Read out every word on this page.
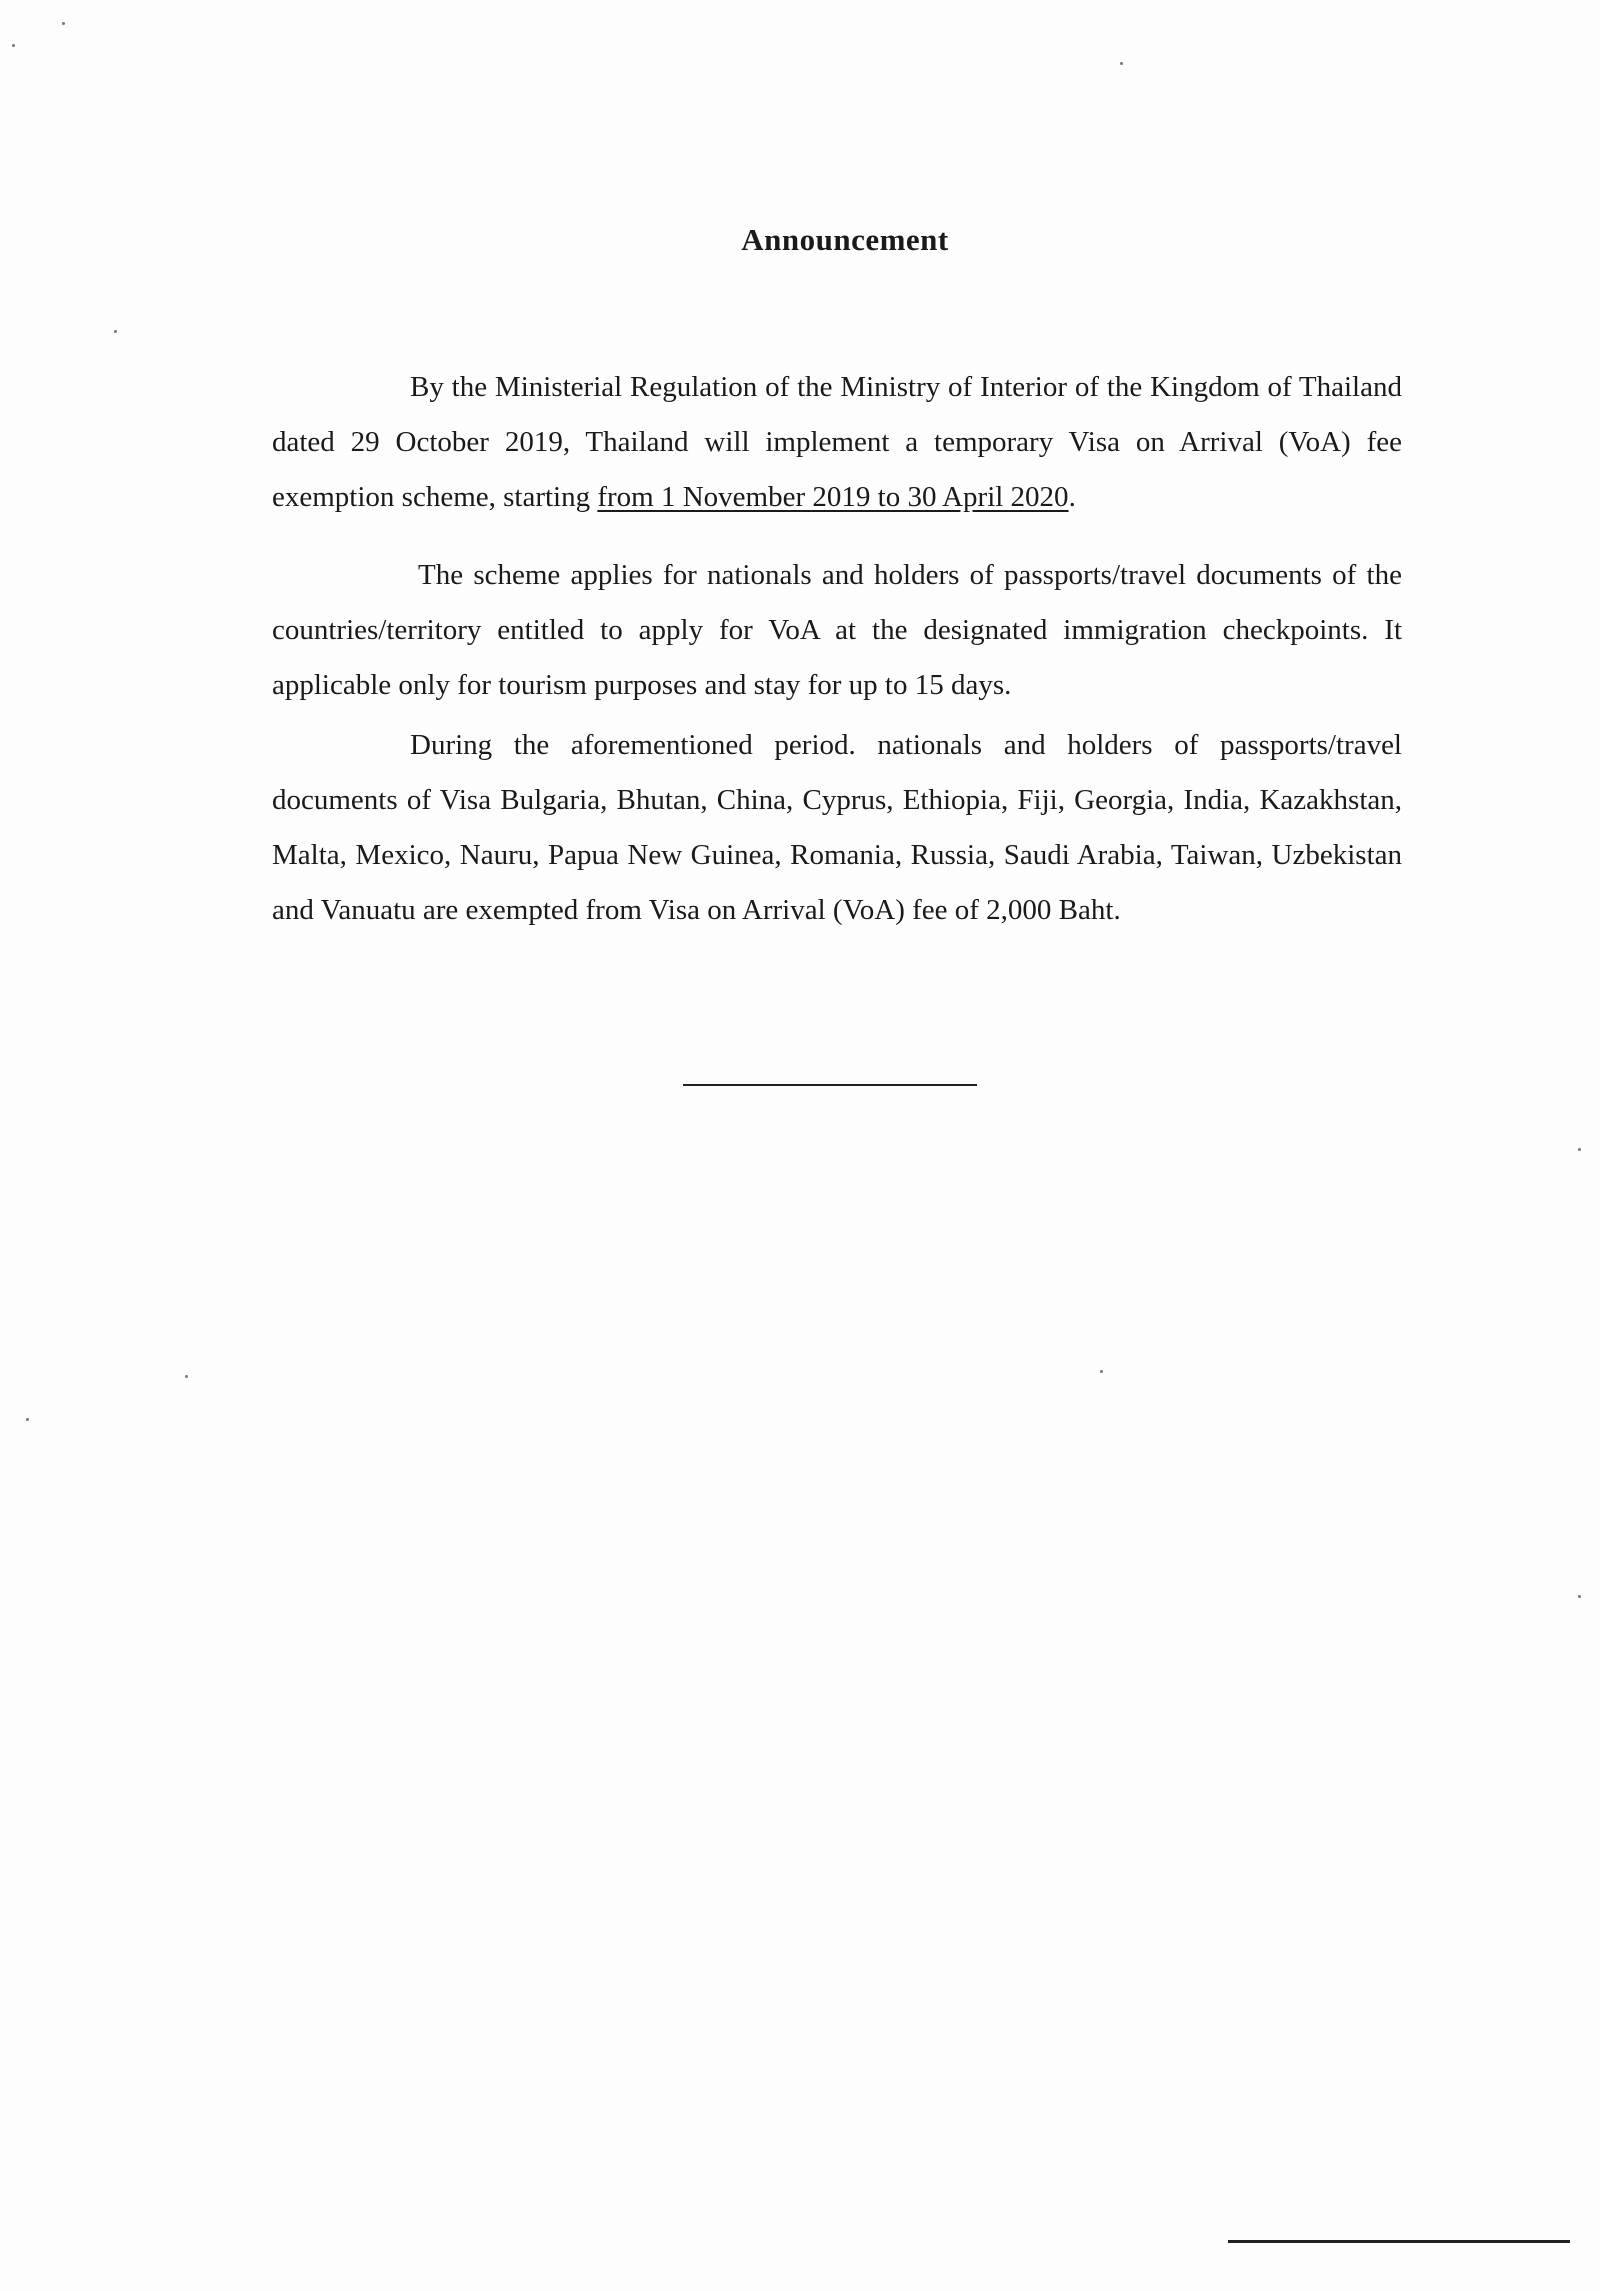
Announcement

By the Ministerial Regulation of the Ministry of Interior of the Kingdom of Thailand dated 29 October 2019, Thailand will implement a temporary Visa on Arrival (VoA) fee exemption scheme, starting from 1 November 2019 to 30 April 2020.

The scheme applies for nationals and holders of passports/travel documents of the countries/territory entitled to apply for VoA at the designated immigration checkpoints. It applicable only for tourism purposes and stay for up to 15 days.

During the aforementioned period. nationals and holders of passports/travel documents of Visa Bulgaria, Bhutan, China, Cyprus, Ethiopia, Fiji, Georgia, India, Kazakhstan, Malta, Mexico, Nauru, Papua New Guinea, Romania, Russia, Saudi Arabia, Taiwan, Uzbekistan and Vanuatu are exempted from Visa on Arrival (VoA) fee of 2,000 Baht.
